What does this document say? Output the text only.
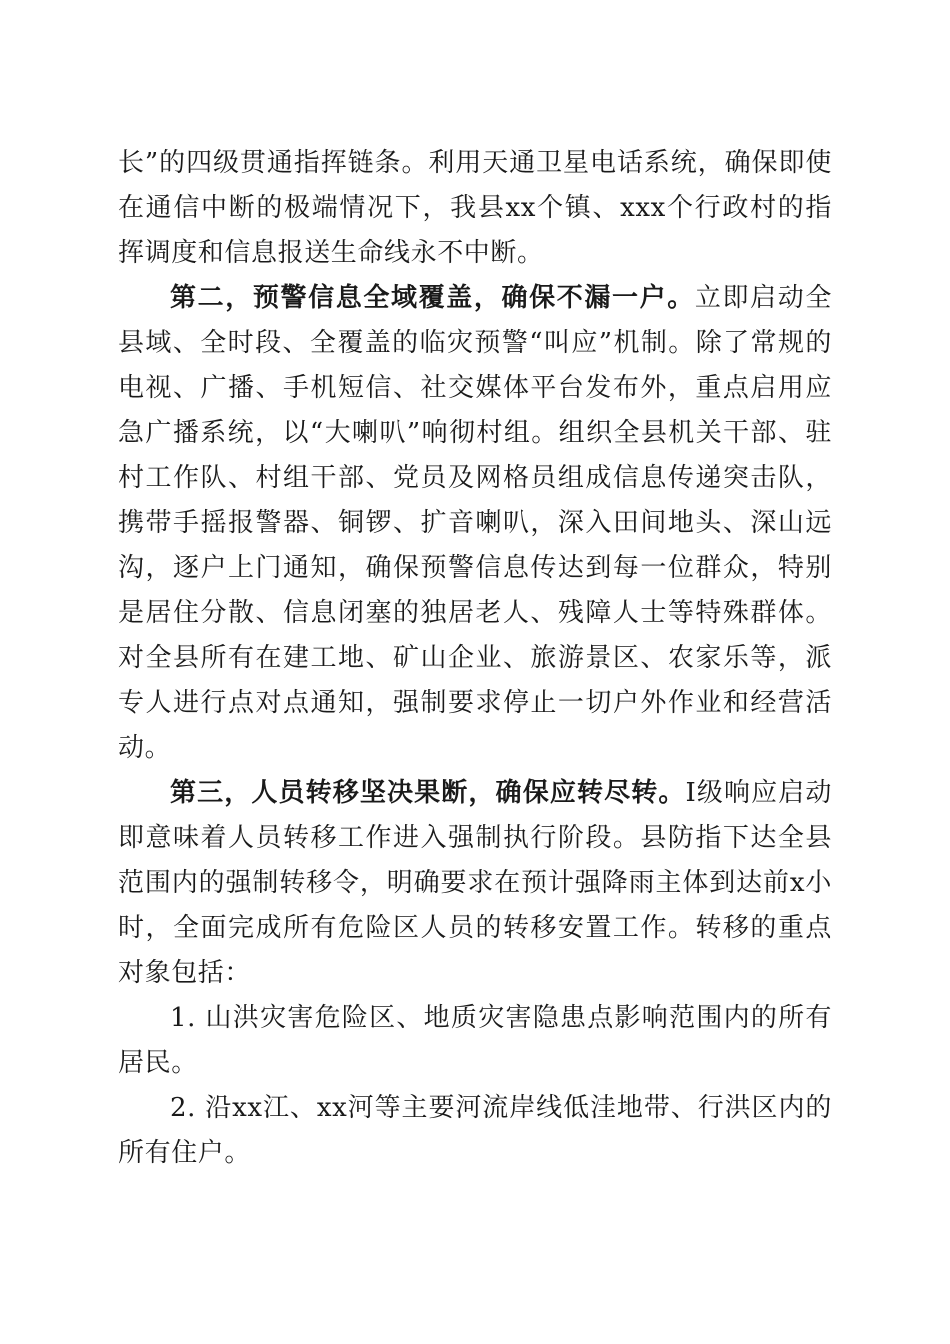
长”的四级贯通指挥链条。利用天通卫星电话系统，确保即使在通信中断的极端情况下，我县xx个镇、xxx个行政村的指挥调度和信息报送生命线永不中断。

第二，预警信息全域覆盖，确保不漏一户。立即启动全县域、全时段、全覆盖的临灾预警“叫应”机制。除了常规的电视、广播、手机短信、社交媒体平台发布外，重点启用应急广播系统，以“大喇叭”响彻村组。组织全县机关干部、驻村工作队、村组干部、党员及网格员组成信息传递突击队，携带手摇报警器、铜锣、扩音喇叭，深入田间地头、深山远沟，逐户上门通知，确保预警信息传达到每一位群众，特别是居住分散、信息闭塞的独居老人、残障人士等特殊群体。对全县所有在建工地、矿山企业、旅游景区、农家乐等，派专人进行点对点通知，强制要求停止一切户外作业和经营活动。

第三，人员转移坚决果断，确保应转尽转。Ⅰ级响应启动即意味着人员转移工作进入强制执行阶段。县防指下达全县范围内的强制转移令，明确要求在预计强降雨主体到达前x小时，全面完成所有危险区人员的转移安置工作。转移的重点对象包括：

1. 山洪灾害危险区、地质灾害隐患点影响范围内的所有居民。

2. 沿xx江、xx河等主要河流岸线低洼地带、行洪区内的所有住户。
